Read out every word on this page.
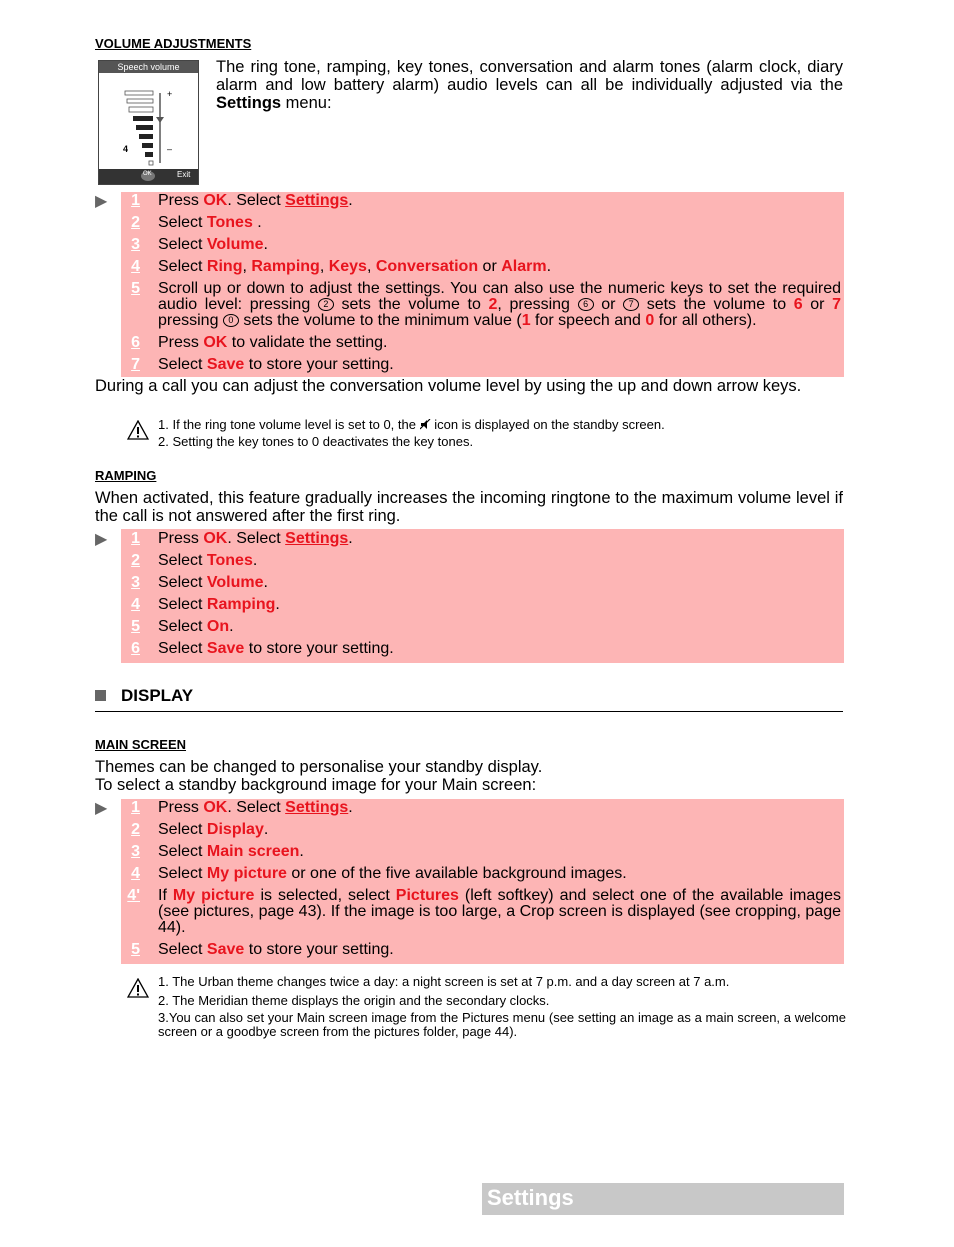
VOLUME ADJUSTMENTS
Speech volume
+
–
4
OK	Exit
The ring tone, ramping, key tones, conversation and alarm tones (alarm clock, diary alarm and low battery alarm) audio levels can all be individually adjusted via the Settings menu:
▶	1 Press OK. Select Settings.
2 Select Tones .
3 Select Volume.
4 Select Ring, Ramping, Keys, Conversation or Alarm.
5 Scroll up or down to adjust the settings. You can also use the numeric keys to set the required audio level: pressing 2 sets the volume to 2, pressing 6 or 7 sets the volume to 6 or 7 pressing 0 sets the volume to the minimum value (1 for speech and 0 for all others).
6 Press OK to validate the setting.
7 Select Save to store your setting.
During a call you can adjust the conversation volume level by using the up and down arrow keys.
1. If the ring tone volume level is set to 0, the  icon is displayed on the standby screen.
2. Setting the key tones to 0 deactivates the key tones.
RAMPING
When activated, this feature gradually increases the incoming ringtone to the maximum volume level if the call is not answered after the first ring.
▶	1 Press OK. Select Settings.
2 Select Tones.
3 Select Volume.
4 Select Ramping.
5 Select On.
6 Select Save to store your setting.
DISPLAY
MAIN SCREEN
Themes can be changed to personalise your standby display.
To select a standby background image for your Main screen:
▶	1 Press OK. Select Settings.
2 Select Display.
3 Select Main screen.
4 Select My picture or one of the five available background images.
4' If My picture is selected, select Pictures (left softkey) and select one of the available images (see pictures, page 43). If the image is too large, a Crop screen is displayed (see cropping, page 44).
5 Select Save to store your setting.
1. The Urban theme changes twice a day: a night screen is set at 7 p.m. and a day screen at 7 a.m.
2. The Meridian theme displays the origin and the secondary clocks.
3.You can also set your Main screen image from the Pictures menu (see setting an image as a main screen, a welcome screen or a goodbye screen from the pictures folder, page 44).
Settings
